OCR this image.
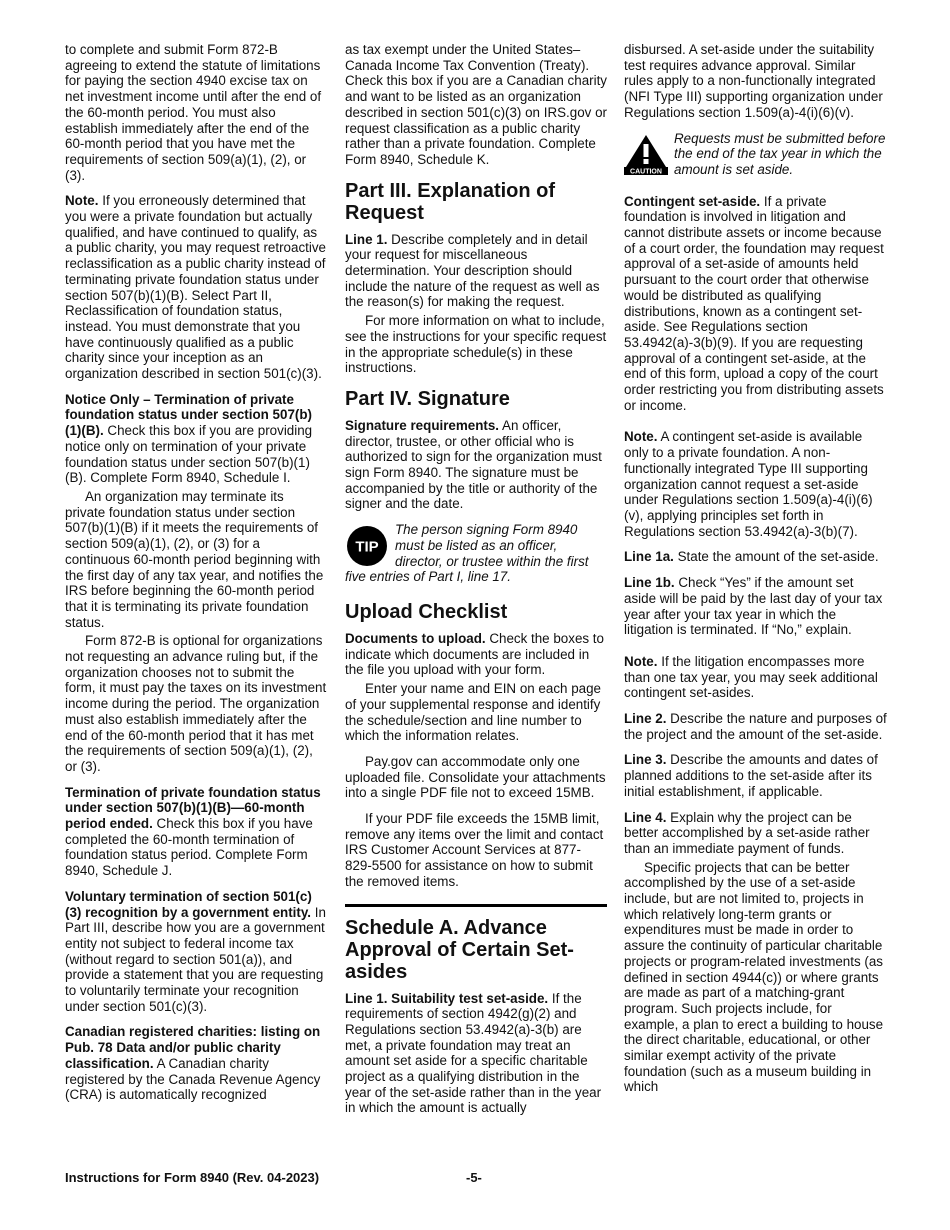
to complete and submit Form 872-B agreeing to extend the statute of limitations for paying the section 4940 excise tax on net investment income until after the end of the 60-month period. You must also establish immediately after the end of the 60-month period that you have met the requirements of section 509(a)(1), (2), or (3).

Note. If you erroneously determined that you were a private foundation but actually qualified, and have continued to qualify, as a public charity, you may request retroactive reclassification as a public charity instead of terminating private foundation status under section 507(b)(1)(B). Select Part II, Reclassification of foundation status, instead. You must demonstrate that you have continuously qualified as a public charity since your inception as an organization described in section 501(c)(3).

Notice Only – Termination of private foundation status under section 507(b)(1)(B). Check this box if you are providing notice only on termination of your private foundation status under section 507(b)(1)(B). Complete Form 8940, Schedule I.

An organization may terminate its private foundation status under section 507(b)(1)(B) if it meets the requirements of section 509(a)(1), (2), or (3) for a continuous 60-month period beginning with the first day of any tax year, and notifies the IRS before beginning the 60-month period that it is terminating its private foundation status.

Form 872-B is optional for organizations not requesting an advance ruling but, if the organization chooses not to submit the form, it must pay the taxes on its investment income during the period. The organization must also establish immediately after the end of the 60-month period that it has met the requirements of section 509(a)(1), (2), or (3).

Termination of private foundation status under section 507(b)(1)(B)—60-month period ended. Check this box if you have completed the 60-month termination of foundation status period. Complete Form 8940, Schedule J.

Voluntary termination of section 501(c)(3) recognition by a government entity. In Part III, describe how you are a government entity not subject to federal income tax (without regard to section 501(a)), and provide a statement that you are requesting to voluntarily terminate your recognition under section 501(c)(3).

Canadian registered charities: listing on Pub. 78 Data and/or public charity classification. A Canadian charity registered by the Canada Revenue Agency (CRA) is automatically recognized

as tax exempt under the United States–Canada Income Tax Convention (Treaty). Check this box if you are a Canadian charity and want to be listed as an organization described in section 501(c)(3) on IRS.gov or request classification as a public charity rather than a private foundation. Complete Form 8940, Schedule K.

Part III. Explanation of Request

Line 1. Describe completely and in detail your request for miscellaneous determination. Your description should include the nature of the request as well as the reason(s) for making the request.

For more information on what to include, see the instructions for your specific request in the appropriate schedule(s) in these instructions.

Part IV. Signature

Signature requirements. An officer, director, trustee, or other official who is authorized to sign for the organization must sign Form 8940. The signature must be accompanied by the title or authority of the signer and the date.

TIP
The person signing Form 8940 must be listed as an officer, director, or trustee within the first five entries of Part I, line 17.
Upload Checklist

Documents to upload. Check the boxes to indicate which documents are included in the file you upload with your form.

Enter your name and EIN on each page of your supplemental response and identify the schedule/section and line number to which the information relates.

Pay.gov can accommodate only one uploaded file. Consolidate your attachments into a single PDF file not to exceed 15MB.

If your PDF file exceeds the 15MB limit, remove any items over the limit and contact IRS Customer Account Services at 877-829-5500 for assistance on how to submit the removed items.

Schedule A. Advance Approval of Certain Set-asides

Line 1. Suitability test set-aside. If the requirements of section 4942(g)(2) and Regulations section 53.4942(a)-3(b) are met, a private foundation may treat an amount set aside for a specific charitable project as a qualifying distribution in the year of the set-aside rather than in the year in which the amount is actually

disbursed. A set-aside under the suitability test requires advance approval. Similar rules apply to a non-functionally integrated (NFI Type III) supporting organization under Regulations section 1.509(a)-4(i)(6)(v).

CAUTION
Requests must be submitted before the end of the tax year in which the amount is set aside.

Contingent set-aside. If a private foundation is involved in litigation and cannot distribute assets or income because of a court order, the foundation may request approval of a set-aside of amounts held pursuant to the court order that otherwise would be distributed as qualifying distributions, known as a contingent set-aside. See Regulations section 53.4942(a)-3(b)(9). If you are requesting approval of a contingent set-aside, at the end of this form, upload a copy of the court order restricting you from distributing assets or income.

Note. A contingent set-aside is available only to a private foundation. A non-functionally integrated Type III supporting organization cannot request a set-aside under Regulations section 1.509(a)-4(i)(6)(v), applying principles set forth in Regulations section 53.4942(a)-3(b)(7).

Line 1a. State the amount of the set-aside.

Line 1b. Check “Yes” if the amount set aside will be paid by the last day of your tax year after your tax year in which the litigation is terminated. If “No,” explain.

Note. If the litigation encompasses more than one tax year, you may seek additional contingent set-asides.

Line 2. Describe the nature and purposes of the project and the amount of the set-aside.

Line 3. Describe the amounts and dates of planned additions to the set-aside after its initial establishment, if applicable.

Line 4. Explain why the project can be better accomplished by a set-aside rather than an immediate payment of funds.

Specific projects that can be better accomplished by the use of a set-aside include, but are not limited to, projects in which relatively long-term grants or expenditures must be made in order to assure the continuity of particular charitable projects or program-related investments (as defined in section 4944(c)) or where grants are made as part of a matching-grant program. Such projects include, for example, a plan to erect a building to house the direct charitable, educational, or other similar exempt activity of the private foundation (such as a museum building in which

Instructions for Form 8940 (Rev. 04-2023)	-5-
